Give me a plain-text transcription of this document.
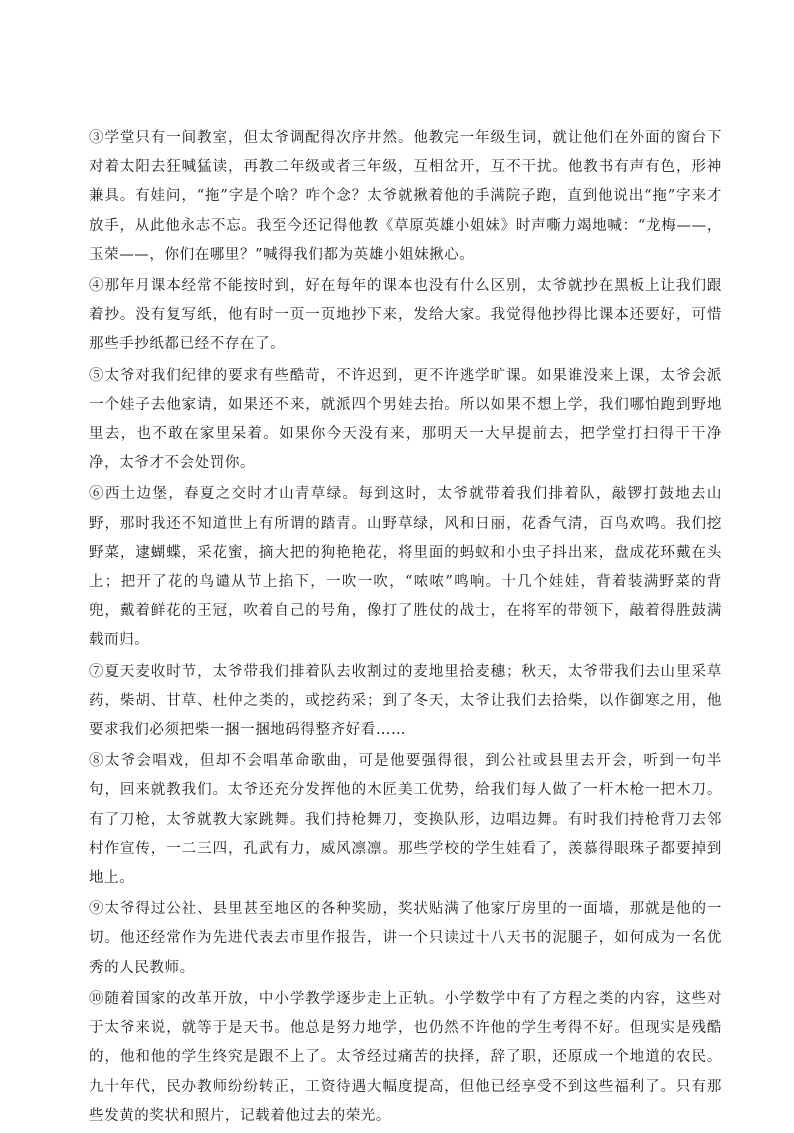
③学堂只有一间教室，但太爷调配得次序井然。他教完一年级生词，就让他们在外面的窗台下对着太阳去狂喊猛读，再教二年级或者三年级，互相岔开，互不干扰。他教书有声有色，形神兼具。有娃问，“拖”字是个啥？咋个念？太爷就揪着他的手满院子跑，直到他说出“拖”字来才放手，从此他永志不忘。我至今还记得他教《草原英雄小姐妹》时声嘶力竭地喊：“龙梅——，玉荣——，你们在哪里？”喊得我们都为英雄小姐妹揪心。

④那年月课本经常不能按时到，好在每年的课本也没有什么区别，太爷就抄在黑板上让我们跟着抄。没有复写纸，他有时一页一页地抄下来，发给大家。我觉得他抄得比课本还要好，可惜那些手抄纸都已经不存在了。

⑤太爷对我们纪律的要求有些酷苛，不许迟到，更不许逃学旷课。如果谁没来上课，太爷会派一个娃子去他家请，如果还不来，就派四个男娃去抬。所以如果不想上学，我们哪怕跑到野地里去，也不敢在家里呆着。如果你今天没有来，那明天一大早提前去，把学堂打扫得干干净净，太爷才不会处罚你。

⑥西土边堡，春夏之交时才山青草绿。每到这时，太爷就带着我们排着队，敲锣打鼓地去山野，那时我还不知道世上有所谓的踏青。山野草绿，风和日丽，花香气清，百鸟欢鸣。我们挖野菜，逮蝴蝶，采花蜜，摘大把的狗艳艳花，将里面的蚂蚁和小虫子抖出来，盘成花环戴在头上；把开了花的鸟谴从节上掐下，一吹一吹，“哝哝”鸣响。十几个娃娃，背着装满野菜的背兜，戴着鲜花的王冠，吹着自己的号角，像打了胜仗的战士，在将军的带领下，敲着得胜鼓满载而归。

⑦夏天麦收时节，太爷带我们排着队去收割过的麦地里拾麦穗；秋天，太爷带我们去山里采草药，柴胡、甘草、杜仲之类的，或挖药采；到了冬天，太爷让我们去拾柴，以作御寒之用，他要求我们必须把柴一捆一捆地码得整齐好看……

⑧太爷会唱戏，但却不会唱革命歌曲，可是他要强得很，到公社或县里去开会，听到一句半句，回来就教我们。太爷还充分发挥他的木匠美工优势，给我们每人做了一杆木枪一把木刀。有了刀枪，太爷就教大家跳舞。我们持枪舞刀，变换队形，边唱边舞。有时我们持枪背刀去邻村作宣传，一二三四，孔武有力，威风凛凛。那些学校的学生娃看了，羡慕得眼珠子都要掉到地上。

⑨太爷得过公社、县里甚至地区的各种奖励，奖状贴满了他家厅房里的一面墙，那就是他的一切。他还经常作为先进代表去市里作报告，讲一个只读过十八天书的泥腿子，如何成为一名优秀的人民教师。

⑩随着国家的改革开放，中小学教学逐步走上正轨。小学数学中有了方程之类的内容，这些对于太爷来说，就等于是天书。他总是努力地学，也仍然不许他的学生考得不好。但现实是残酷的，他和他的学生终究是跟不上了。太爷经过痛苦的抉择，辞了职，还原成一个地道的农民。九十年代，民办教师纷纷转正，工资待遇大幅度提高，但他已经享受不到这些福利了。只有那些发黄的奖状和照片，记载着他过去的荣光。
